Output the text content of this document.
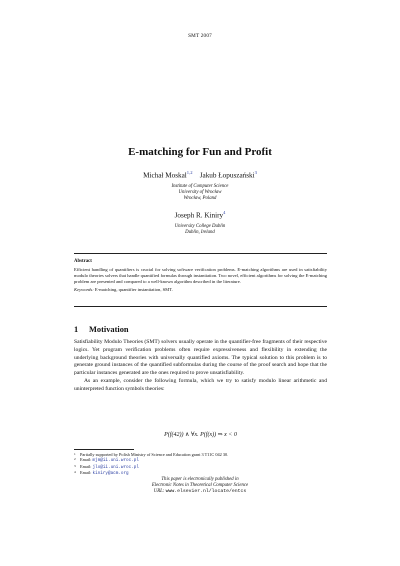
SMT 2007
E-matching for Fun and Profit
Michał Moskal$^{1,2}$ Jakub Łopuszański$^3$
Institute of Computer Science
University of Wrocław
Wrocław, Poland
Joseph R. Kiniry$^4$
University College Dublin
Dublin, Ireland
Abstract
Efficient handling of quantifiers is crucial for solving software verification problems. E-matching algorithms are used in satisfiability modulo theories solvers that handle quantified formulas through instantiation. Two novel, efficient algorithms for solving the E-matching problem are presented and compared to a well-known algorithm described in the literature.
Keywords: E-matching, quantifier instantiation, SMT.
1 Motivation

Satisfiability Modulo Theories (SMT) solvers usually operate in the quantifier-free fragments of their respective logics. Yet program verification problems often require expressiveness and flexibility in extending the underlying background theories with universally quantified axioms. The typical solution to this problem is to generate ground instances of the quantified subformulas during the course of the proof search and hope that the particular instances generated are the ones required to prove unsatisfiability.

As an example, consider the following formula, which we try to satisfy modulo linear arithmetic and uninterpreted function symbols theories:

P(f(42)) ∧ ∀x. P(f(x)) ⇒ x < 0
1 Partially supported by Polish Ministry of Science and Education grant 3 T11C 042 30.
2 Email: mjm@ii.uni.wroc.pl
3 Email: jlo@ii.uni.wroc.pl
4 Email: kiniry@acm.org
This paper is electronically published in
Electronic Notes in Theoretical Computer Science
URL: www.elsevier.nl/locate/entcs
